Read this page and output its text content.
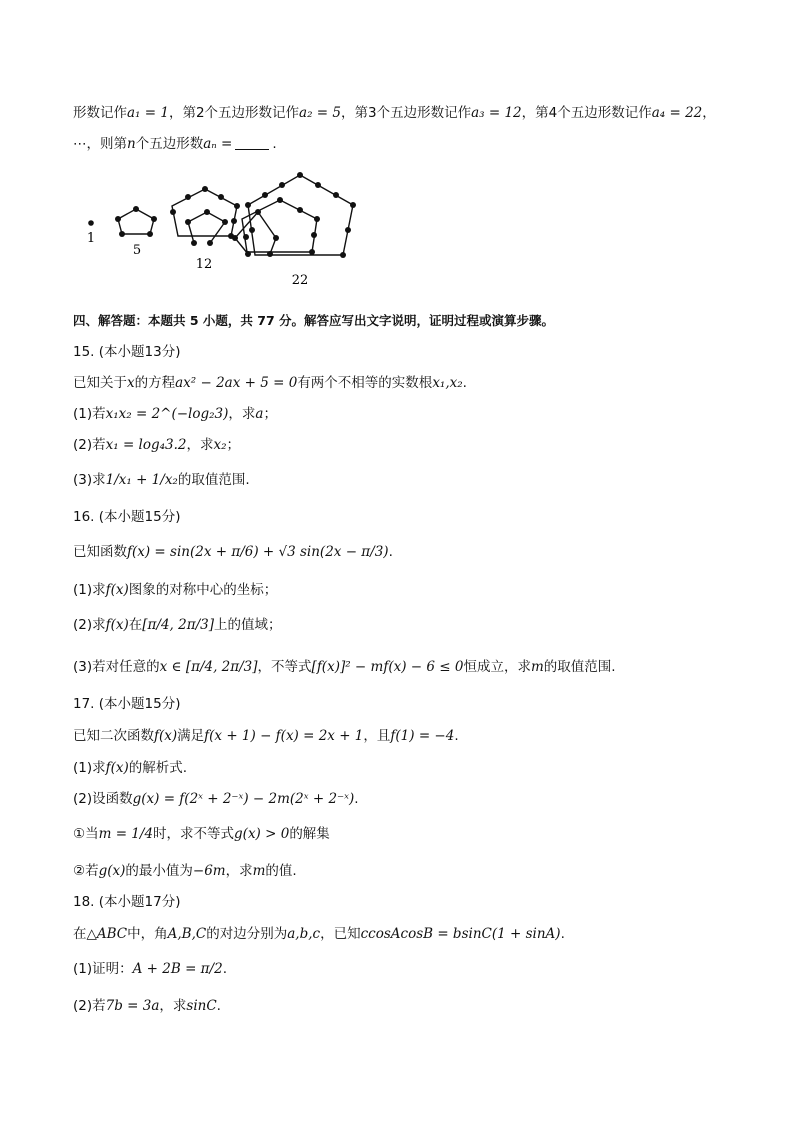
形数记作a₁ = 1，第2个五边形数记作a₂ = 5，第3个五边形数记作a₃ = 12，第4个五边形数记作a₄ = 22，
⋯，则第n个五边形数aₙ =	.
1
5
12
22
四、解答题：本题共 5 小题，共 77 分。解答应写出文字说明，证明过程或演算步骤。
15. (本小题13分)
已知关于x的方程ax² − 2ax + 5 = 0有两个不相等的实数根x₁,x₂.
(1)若x₁x₂ = 2^(−log₂3)，求a；
(2)若x₁ = log₄3.2，求x₂；
(3)求1/x₁ + 1/x₂的取值范围.
16. (本小题15分)
已知函数f(x) = sin(2x + π/6) + √3 sin(2x − π/3).
(1)求f(x)图象的对称中心的坐标；
(2)求f(x)在[π/4, 2π/3]上的值域；
(3)若对任意的x ∈ [π/4, 2π/3]，不等式[f(x)]² − mf(x) − 6 ≤ 0恒成立，求m的取值范围.
17. (本小题15分)
已知二次函数f(x)满足f(x + 1) − f(x) = 2x + 1，且f(1) = −4.
(1)求f(x)的解析式.
(2)设函数g(x) = f(2ˣ + 2⁻ˣ) − 2m(2ˣ + 2⁻ˣ).
①当m = 1/4时，求不等式g(x) > 0的解集
②若g(x)的最小值为−6m，求m的值.
18. (本小题17分)
在△ABC中，角A,B,C的对边分别为a,b,c，已知ccosAcosB = bsinC(1 + sinA).
(1)证明：A + 2B = π/2.
(2)若7b = 3a，求sinC.
